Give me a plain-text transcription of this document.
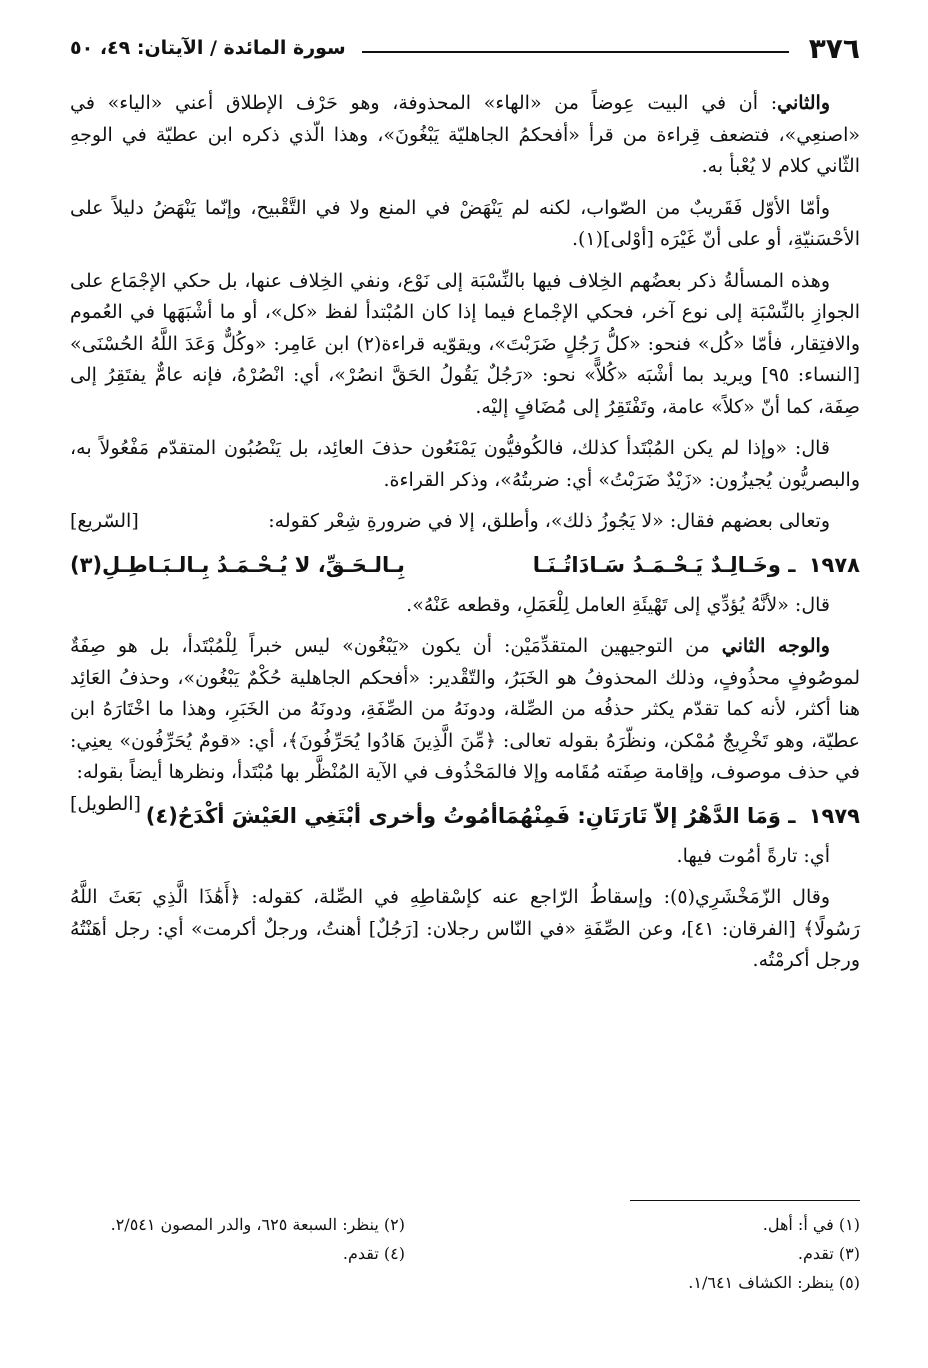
٣٧٦
سورة المائدة / الآيتان: ٤٩، ٥٠

والثاني: أن في البيت عِوضاً من «الهاء» المحذوفة، وهو حَرْف الإطلاق أعني «الياء» في «اصنعِي»، فتضعف قِراءة من قرأ «أفحكمُ الجاهليّة يَبْغُونَ»، وهذا الّذي ذكره ابن عطيّة في الوجهِ الثّاني كلام لا يُعْبأ به.

وأمّا الأوّل فَقَريبٌ من الصّواب، لكنه لم يَنْهَضْ في المنع ولا في التَّقْبيح، وإنّما يَنْهَضُ دليلاً على الأحْسَنيّةِ، أو على أنّ غَيْرَه [أوْلى](١).

وهذه المسألةُ ذكر بعضُهم الخِلاف فيها بالنِّسْبَة إلى نَوْع، ونفي الخِلاف عنها، بل حكي الإجْمَاع على الجوازِ بالنِّسْبَة إلى نوع آخر، فحكي الإجْماع فيما إذا كان المُبْتدأ لفظ «كل»، أو ما أشْبَهَها في العُموم والافتِقار، فأمّا «كُل» فنحو: «كلُّ رَجُلٍ ضَرَبْتَ»، ويقوّيه قراءة(٢) ابن عَامِر: «وكُلٌّ وَعَدَ اللَّهُ الحُسْنَى» [النساء: ٩٥] ويريد بما أشْبَه «كُلاًّ» نحو: «رَجُلٌ يَقُولُ الحَقَّ انصُرْ»، أي: انْصُرْهُ، فإنه عامٌّ يفتَقِرُ إلى صِفَة، كما أنّ «كلاً» عامة، وتَفْتَقِرُ إلى مُضَافٍ إليْه.

قال: «وإذا لم يكن المُبْتَدأ كذلك، فالكُوفيُّون يَمْنَعُون حذفَ العائِد، بل يَنْصُبُون المتقدّم مَفْعُولاً به، والبصريُّون يُجيزُون: «زَيْدٌ ضَرَبْتُ» أي: ضربتُهُ»، وذكر القراءة.

وتعالى بعضهم فقال: «لا يَجُوزُ ذلك»، وأطلق، إلا في ضرورةِ شِعْر كقوله:
[السّريع]

١٩٧٨ ـ وخَـالِـدٌ يَـحْـمَـدُ سَـادَاتُـنَـا
بِـالـحَـقِّ، لا يُـحْـمَـدُ بِـالـبَـاطِـلِ(٣)

قال: «لأنَّهُ يُؤدِّي إلى تَهْيئَةِ العامل لِلْعَمَلِ، وقطعه عَنْهُ».

والوجه الثاني من التوجيهين المتقدِّمَيْن: أن يكون «يَبْغُون» ليس خبراً لِلْمُبْتَدأ، بل هو صِفَةٌ لموصُوفٍ محذُوفٍ، وذلك المحذوفُ هو الخَبَرُ، والتّقْدير: «أفحكم الجاهلية حُكْمٌ يَبْغُون»، وحذفُ العَائِد هنا أكثر، لأنه كما تقدّم يكثر حذفُه من الصِّلة، ودونَهُ من الصِّفَةِ، ودونَهُ من الخَبَرِ، وهذا ما اخْتَارَهُ ابن عطيّة، وهو تَخْرِيجٌ مُمْكن، ونظّرَهُ بقوله تعالى: ﴿مِّنَ الَّذِينَ هَادُوا يُحَرِّفُونَ﴾، أي: «قومٌ يُحَرِّفُون» يعنِي: في حذف موصوف، وإقامة صِفَته مُقَامه وإلا فالمَحْذُوف في الآية المُنْظَّر بها مُبْتَدأ، ونظرها أيضاً بقوله:
[الطويل]	١٩٧٩ ـ وَمَا الدَّهْرُ إلاّ تَارَتَانِ: فَمِنْهُمَا
أمُوتُ وأخرى أبْتَغِي العَيْشَ أكْدَحُ(٤)

أي: تارةً أمُوت فيها.

وقال الزّمَخْشَرِي(٥): وإسقاطُ الرّاجع عنه كإسْقاطِهِ في الصِّلة، كقوله: ﴿أَهَٰذَا الَّذِي بَعَثَ اللَّهُ رَسُولًا﴾ [الفرقان: ٤١]، وعن الصِّفَةِ «في النّاس رجلان: [رَجُلٌ] أهنتُ، ورجلٌ أكرمت» أي: رجل أهَنْتُهُ ورجل أكرمْتُه.

(١) في أ: أهل.
(٢) ينظر: السبعة ٦٢٥، والدر المصون ٢/٥٤١.
(٣) تقدم.
(٤) تقدم.
(٥) ينظر: الكشاف ١/٦٤١.
